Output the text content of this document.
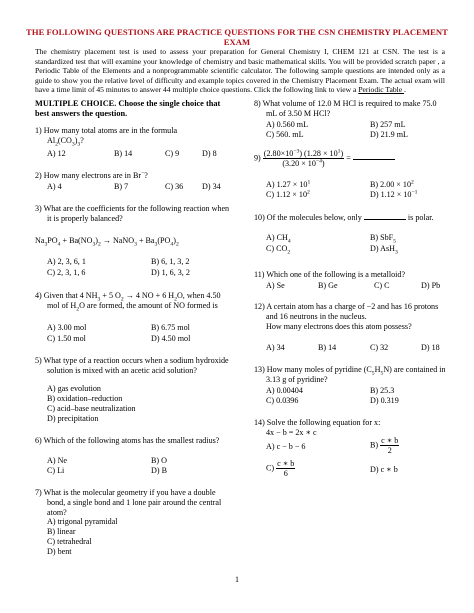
THE FOLLOWING QUESTIONS ARE PRACTICE QUESTIONS FOR THE CSN CHEMISTRY PLACEMENT EXAM
The chemistry placement test is used to assess your preparation for General Chemistry I, CHEM 121 at CSN. The test is a standardized test that will examine your knowledge of chemistry and basic mathematical skills. You will be provided scratch paper , a Periodic Table of the Elements and a nonprogrammable scientific calculator. The following sample questions are intended only as a guide to show you the relative level of difficulty and example topics covered in the Chemistry Placement Exam. The actual exam will have a time limit of 45 minutes to answer 44 multiple choice questions. Click the following link to view a Periodic Table .
MULTIPLE CHOICE. Choose the single choice that best answers the question.
1) How many total atoms are in the formula
$Al_2(CO_3)_3$?
A) 12	B) 14	C) 9	D) 8
2) How many electrons are in Br−?
A) 4	B) 7	C) 36 D) 34
3) What are the coefficients for the following reaction when it is properly balanced?
$Na_3PO_4 + Ba(NO_3)_2$ → NaNO$_3$ + $Ba_3(PO_4)_2$
A) 2, 3, 6, 1	B) 6, 1, 3, 2
C) 2, 3, 1, 6	D) 1, 6, 3, 2
4) Given that 4 $NH_3 + 5$ $O_2 \to 4$ NO + 6 $H_2O$, when 4.50 mol of $H_2O$ are formed, the amount of NO formed is
A) 3.00 mol	B) 6.75 mol
C) 1.50 mol	D) 4.50 mol
5) What type of a reaction occurs when a sodium hydroxide solution is mixed with an acetic acid solution?
A) gas evolution
B) oxidation–reduction
C) acid–base neutralization
D) precipitation
6) Which of the following atoms has the smallest radius?
A) Ne	B) O
C) Li	D) B
7) What is the molecular geometry if you have a double bond, a single bond and 1 lone pair around the central atom?
A) trigonal pyramidal
B) linear
C) tetrahedral
D) bent
8) What volume of 12.0 M HCl is required to make 75.0 mL of 3.50 M HCl?
A) 0.560 mL	B) 257 mL
C) 560. mL	D) 21.9 mL
$9) \frac{(2.80\times 10^{-3}) (1.28 \times 10^1)}{(3.20 \times 10^{-4})}$ =
A) $1.27 \times 10^1$	B) $2.00 \times 10^2$
C) $1.12 \times 10^2$	D) $1.12 \times 10^{-1}$
10) Of the molecules below, only	is polar.
A) $CH_4$	B) SbF$_5$
C) $CO_2$	D) AsH$_3$
11) Which one of the following is a metalloid?
A) Se	B) Ge	C) C	D) Pb
12) A certain atom has a charge of −2 and has 16 protons and 16 neutrons in the nucleus.
How many electrons does this atom possess?
A) 34	B) 14	C) 32	D) 18
13) How many moles of pyridine $(C_5H_5N)$ are contained in 3.13 g of pyridine?
A) 0.00404	B) 25.3
C) 0.0396	D) 0.319
14) Solve the following equation for x:
4x − b = 2x ∗ c
A) c − b − 6	$B) \frac{c ∗ b}{2}$
$C) \frac{c ∗ b}{6}$	D) c ∗ b
1
